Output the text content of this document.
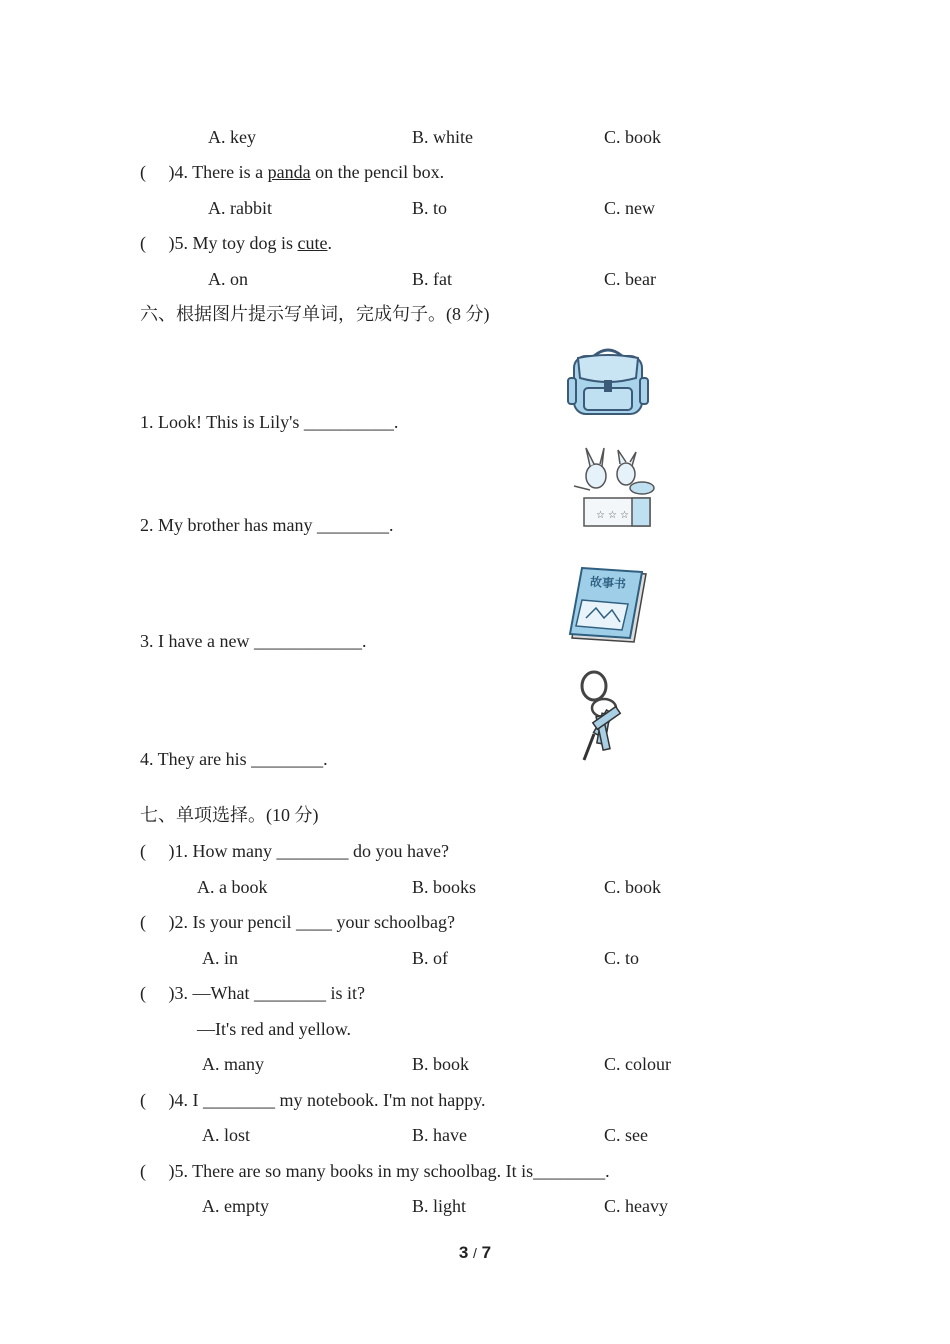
A. key	B. white	C. book
(     )4. There is a panda on the pencil box.
A. rabbit	B. to	C. new
(     )5. My toy dog is cute.
A. on	B. fat	C. bear
六、根据图片提示写单词，完成句子。(8 分)
1. Look! This is Lily's __________.
2. My brother has many ________.
3. I have a new ____________.
4. They are his ________.
☆ ☆ ☆
故事书
七、单项选择。(10 分)
(     )1. How many ________ do you have?
A. a book	B. books	C. book
(     )2. Is your pencil ____ your schoolbag?
A. in	B. of	C. to
(     )3. —What ________ is it?
—It's red and yellow.
A. many	B. book	C. colour
(     )4. I ________ my notebook. I'm not happy.
A. lost	B. have	C. see
(     )5. There are so many books in my schoolbag. It is________.
A. empty	B. light	C. heavy
3 / 7
